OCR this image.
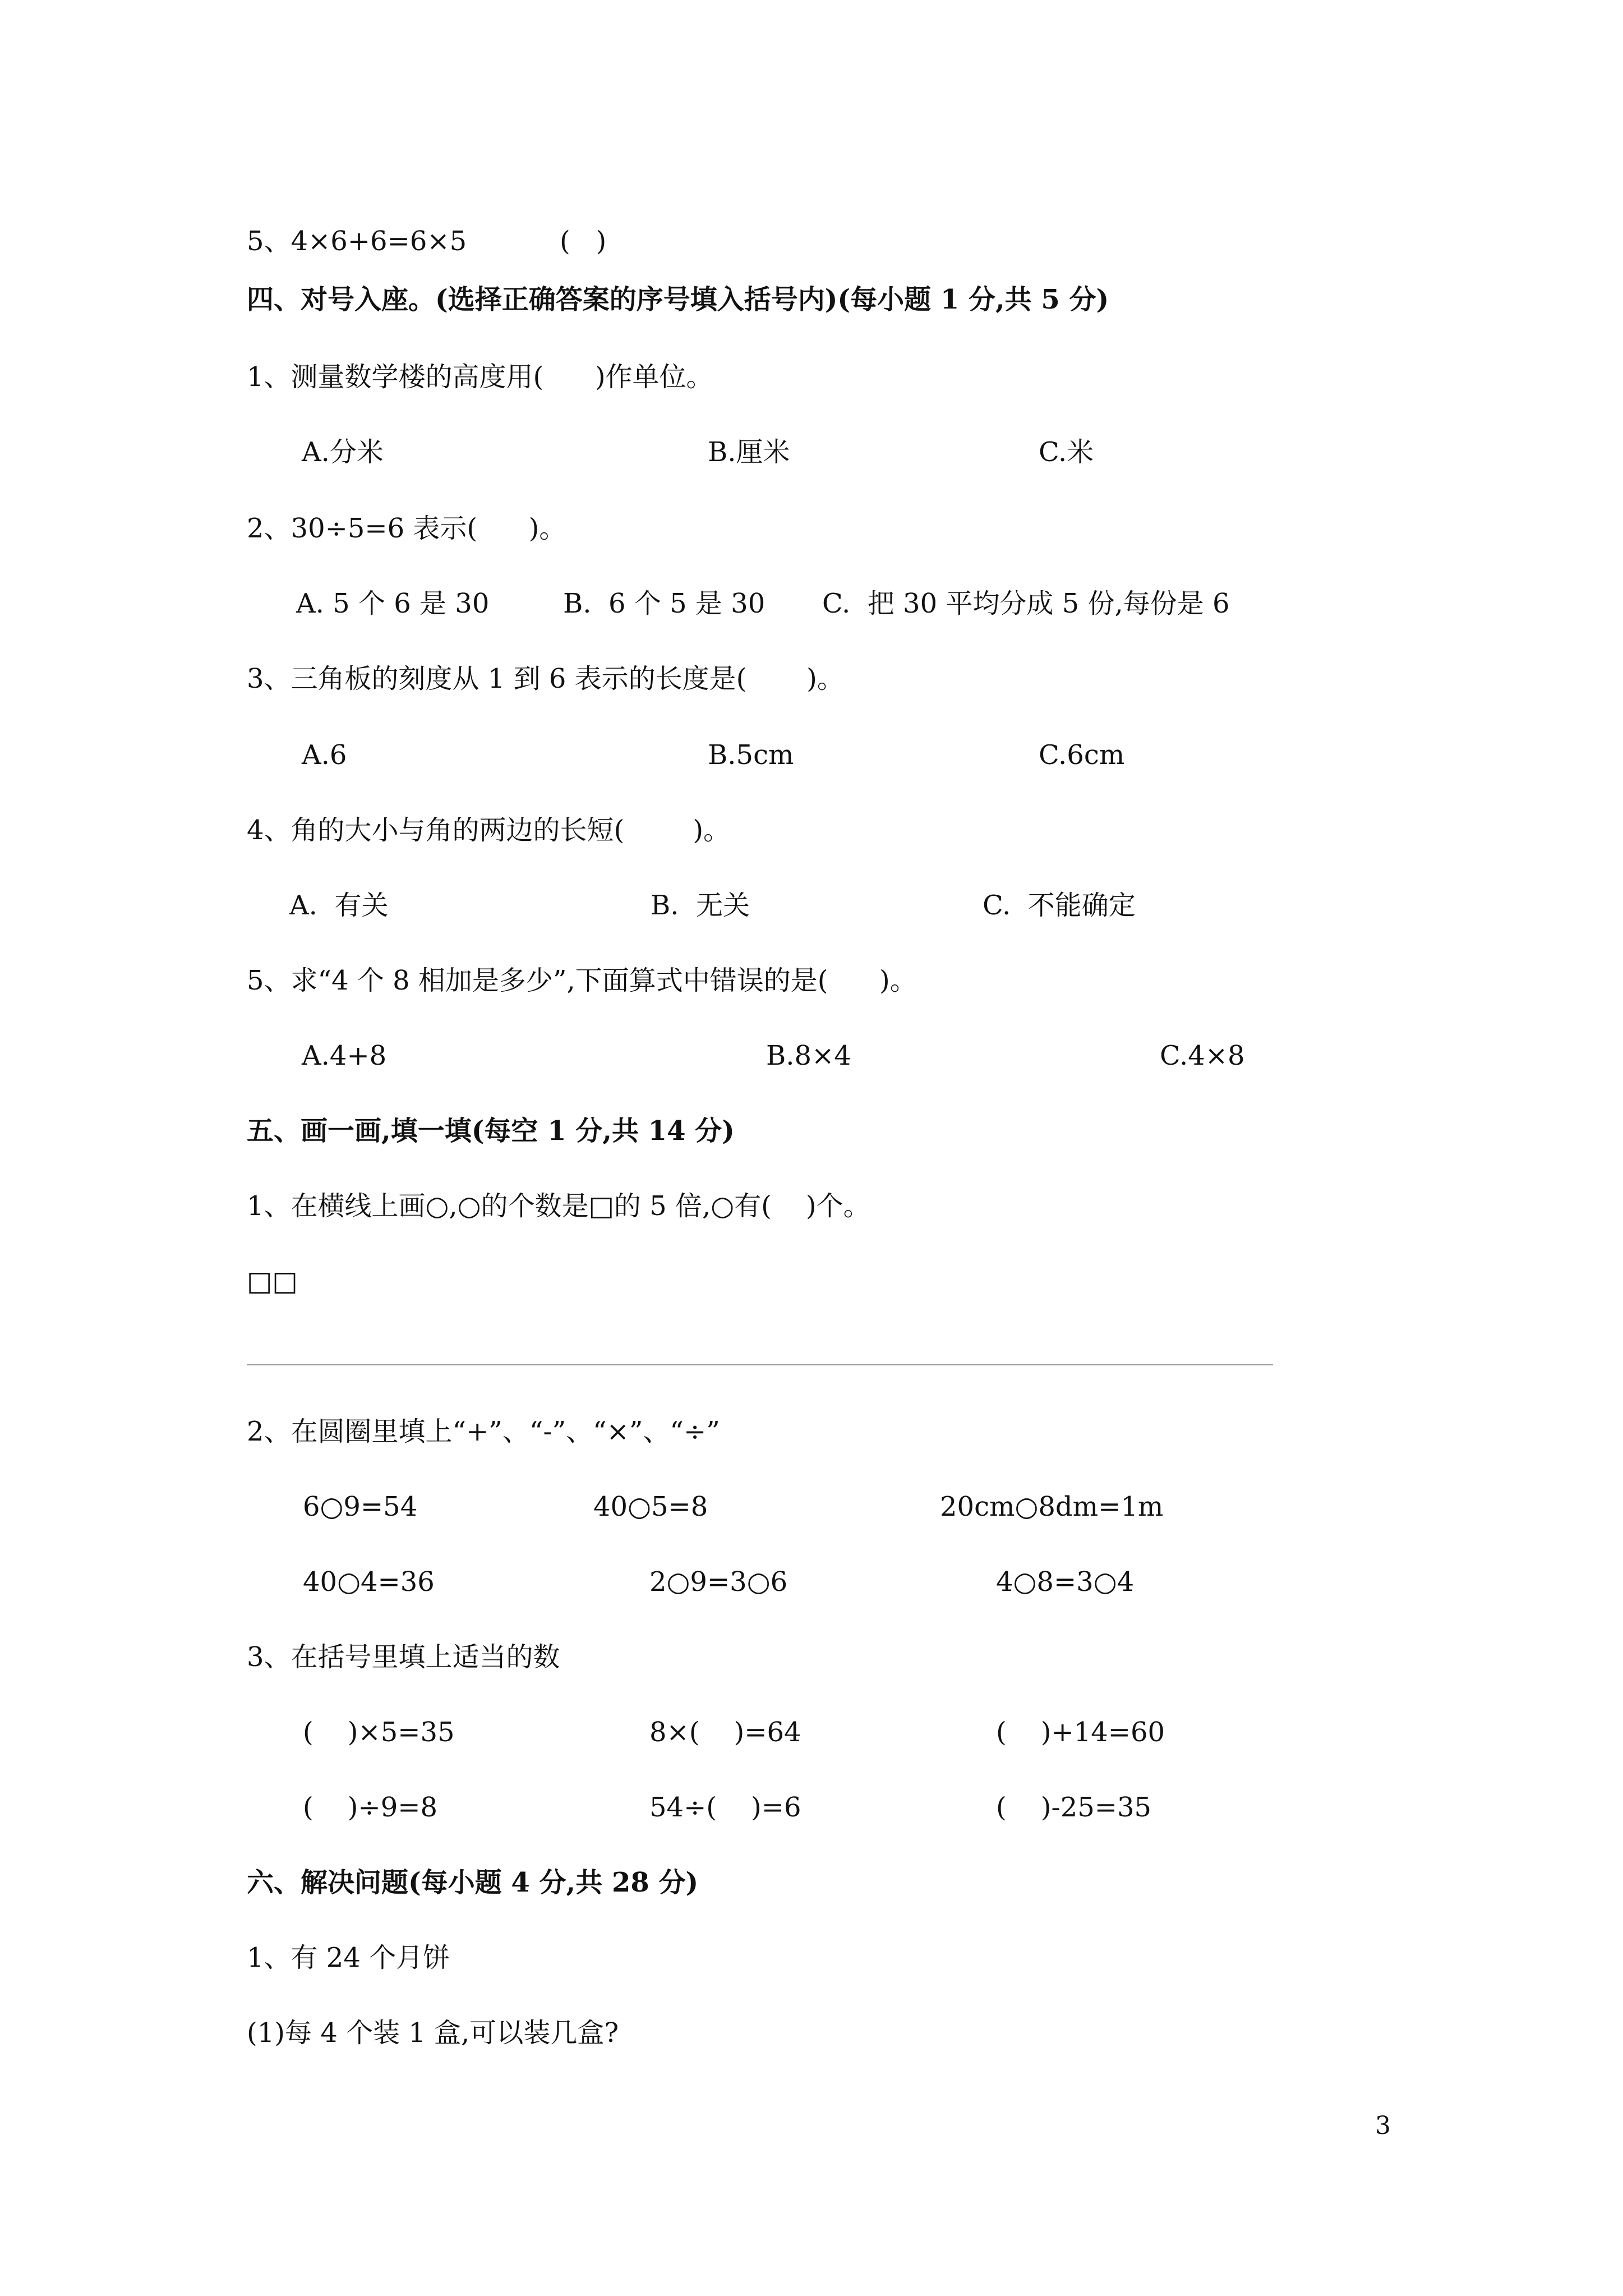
5、4×6+6=6×5	(   )
四、对号入座。(选择正确答案的序号填入括号内)(每小题 1 分,共 5 分)
1、测量数学楼的高度用(      )作单位。
A.分米	B.厘米	C.米
2、30÷5=6 表示(      )。
A. 5 个 6 是 30	B.  6 个 5 是 30 C.  把 30 平均分成 5 份,每份是 6
3、三角板的刻度从 1 到 6 表示的长度是(       )。
A.6	B.5cm	C.6cm
4、角的大小与角的两边的长短(        )。
A.  有关	B.  无关	C.  不能确定
5、求“4 个 8 相加是多少”,下面算式中错误的是(      )。
A.4+8	B.8×4	C.4×8
五、画一画,填一填(每空 1 分,共 14 分)
1、在横线上画○,○的个数是□的 5 倍,○有(    )个。
□□
2、在圆圈里填上“+”、“-”、“×”、“÷”
6○9=54	40○5=8	20cm○8dm=1m
40○4=36	2○9=3○6	4○8=3○4
3、在括号里填上适当的数
(    )×5=35	8×(    )=64	(    )+14=60
(    )÷9=8	54÷(    )=6	(    )-25=35
六、解决问题(每小题 4 分,共 28 分)
1、有 24 个月饼
(1)每 4 个装 1 盒,可以装几盒?
3
